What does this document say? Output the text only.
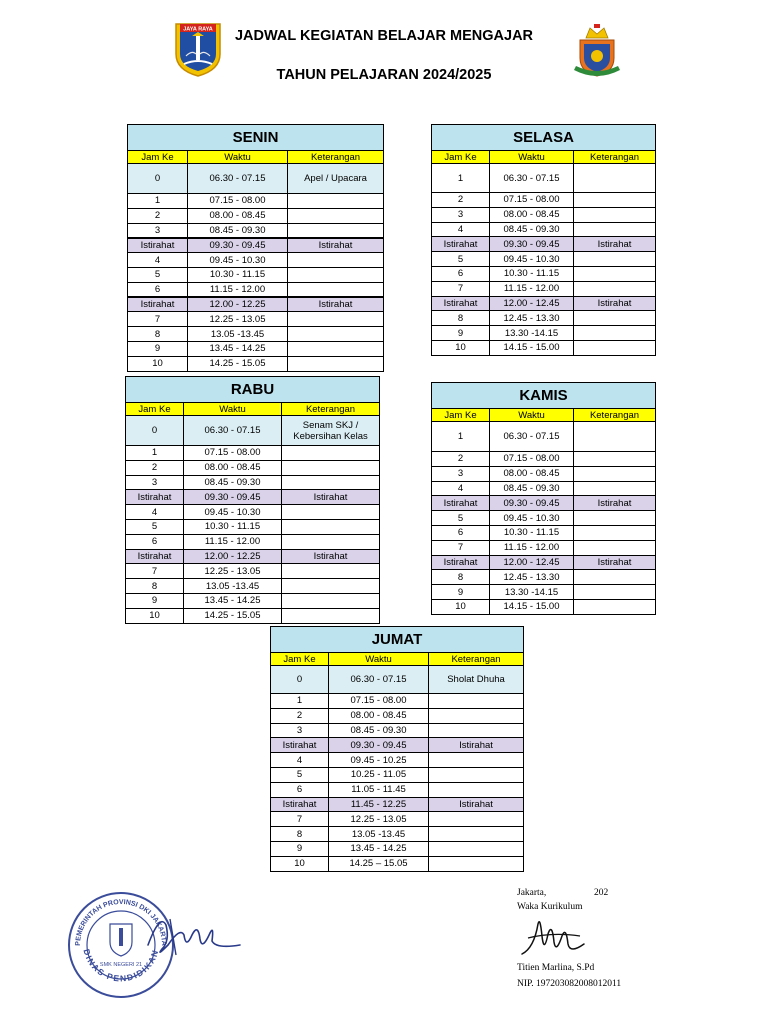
JADWAL KEGIATAN BELAJAR MENGAJAR
TAHUN PELAJARAN 2024/2025
JAYA RAYA
SENIN		
Jam Ke	Waktu	Keterangan
0	06.30 - 07.15	Apel / Upacara
1	07.15 - 08.00	
2	08.00 - 08.45	
3	08.45 - 09.30	
Istirahat	09.30 - 09.45	Istirahat
4	09.45 - 10.30	
5	10.30 - 11.15	
6	11.15 - 12.00	
Istirahat	12.00 - 12.25	Istirahat
7	12.25 - 13.05	
8	13.05 -13.45	
9	13.45 - 14.25	
10	14.25 - 15.05	
SELASA		
Jam Ke	Waktu	Keterangan
1	06.30 - 07.15	
2	07.15 - 08.00	
3	08.00 - 08.45	
4	08.45 - 09.30	
Istirahat	09.30 - 09.45	Istirahat
5	09.45 - 10.30	
6	10.30 - 11.15	
7	11.15 - 12.00	
Istirahat	12.00 - 12.45	Istirahat
8	12.45 - 13.30	
9	13.30 -14.15	
10	14.15 - 15.00	
RABU		
Jam Ke	Waktu	Keterangan
0	06.30 - 07.15	Senam SKJ / Kebersihan Kelas
1	07.15 - 08.00	
2	08.00 - 08.45	
3	08.45 - 09.30	
Istirahat	09.30 - 09.45	Istirahat
4	09.45 - 10.30	
5	10.30 - 11.15	
6	11.15 - 12.00	
Istirahat	12.00 - 12.25	Istirahat
7	12.25 - 13.05	
8	13.05 -13.45	
9	13.45 - 14.25	
10	14.25 - 15.05	
KAMIS		
Jam Ke	Waktu	Keterangan
1	06.30 - 07.15	
2	07.15 - 08.00	
3	08.00 - 08.45	
4	08.45 - 09.30	
Istirahat	09.30 - 09.45	Istirahat
5	09.45 - 10.30	
6	10.30 - 11.15	
7	11.15 - 12.00	
Istirahat	12.00 - 12.45	Istirahat
8	12.45 - 13.30	
9	13.30 -14.15	
10	14.15 - 15.00	
JUMAT		
Jam Ke	Waktu	Keterangan
0	06.30 - 07.15	Sholat Dhuha
1	07.15 - 08.00	
2	08.00 - 08.45	
3	08.45 - 09.30	
Istirahat	09.30 - 09.45	Istirahat
4	09.45 - 10.25	
5	10.25 - 11.05	
6	11.05 - 11.45	
Istirahat	11.45 - 12.25	Istirahat
7	12.25 - 13.05	
8	13.05 -13.45	
9	13.45 - 14.25	
10	14.25 – 15.05	
PEMERINTAH PROVINSI DKI JAKARTA
DINAS PENDIDIKAN
SMK NEGERI 21
Jakarta,	202
Waka Kurikulum
Titien Marlina, S.Pd
NIP. 197203082008012011
